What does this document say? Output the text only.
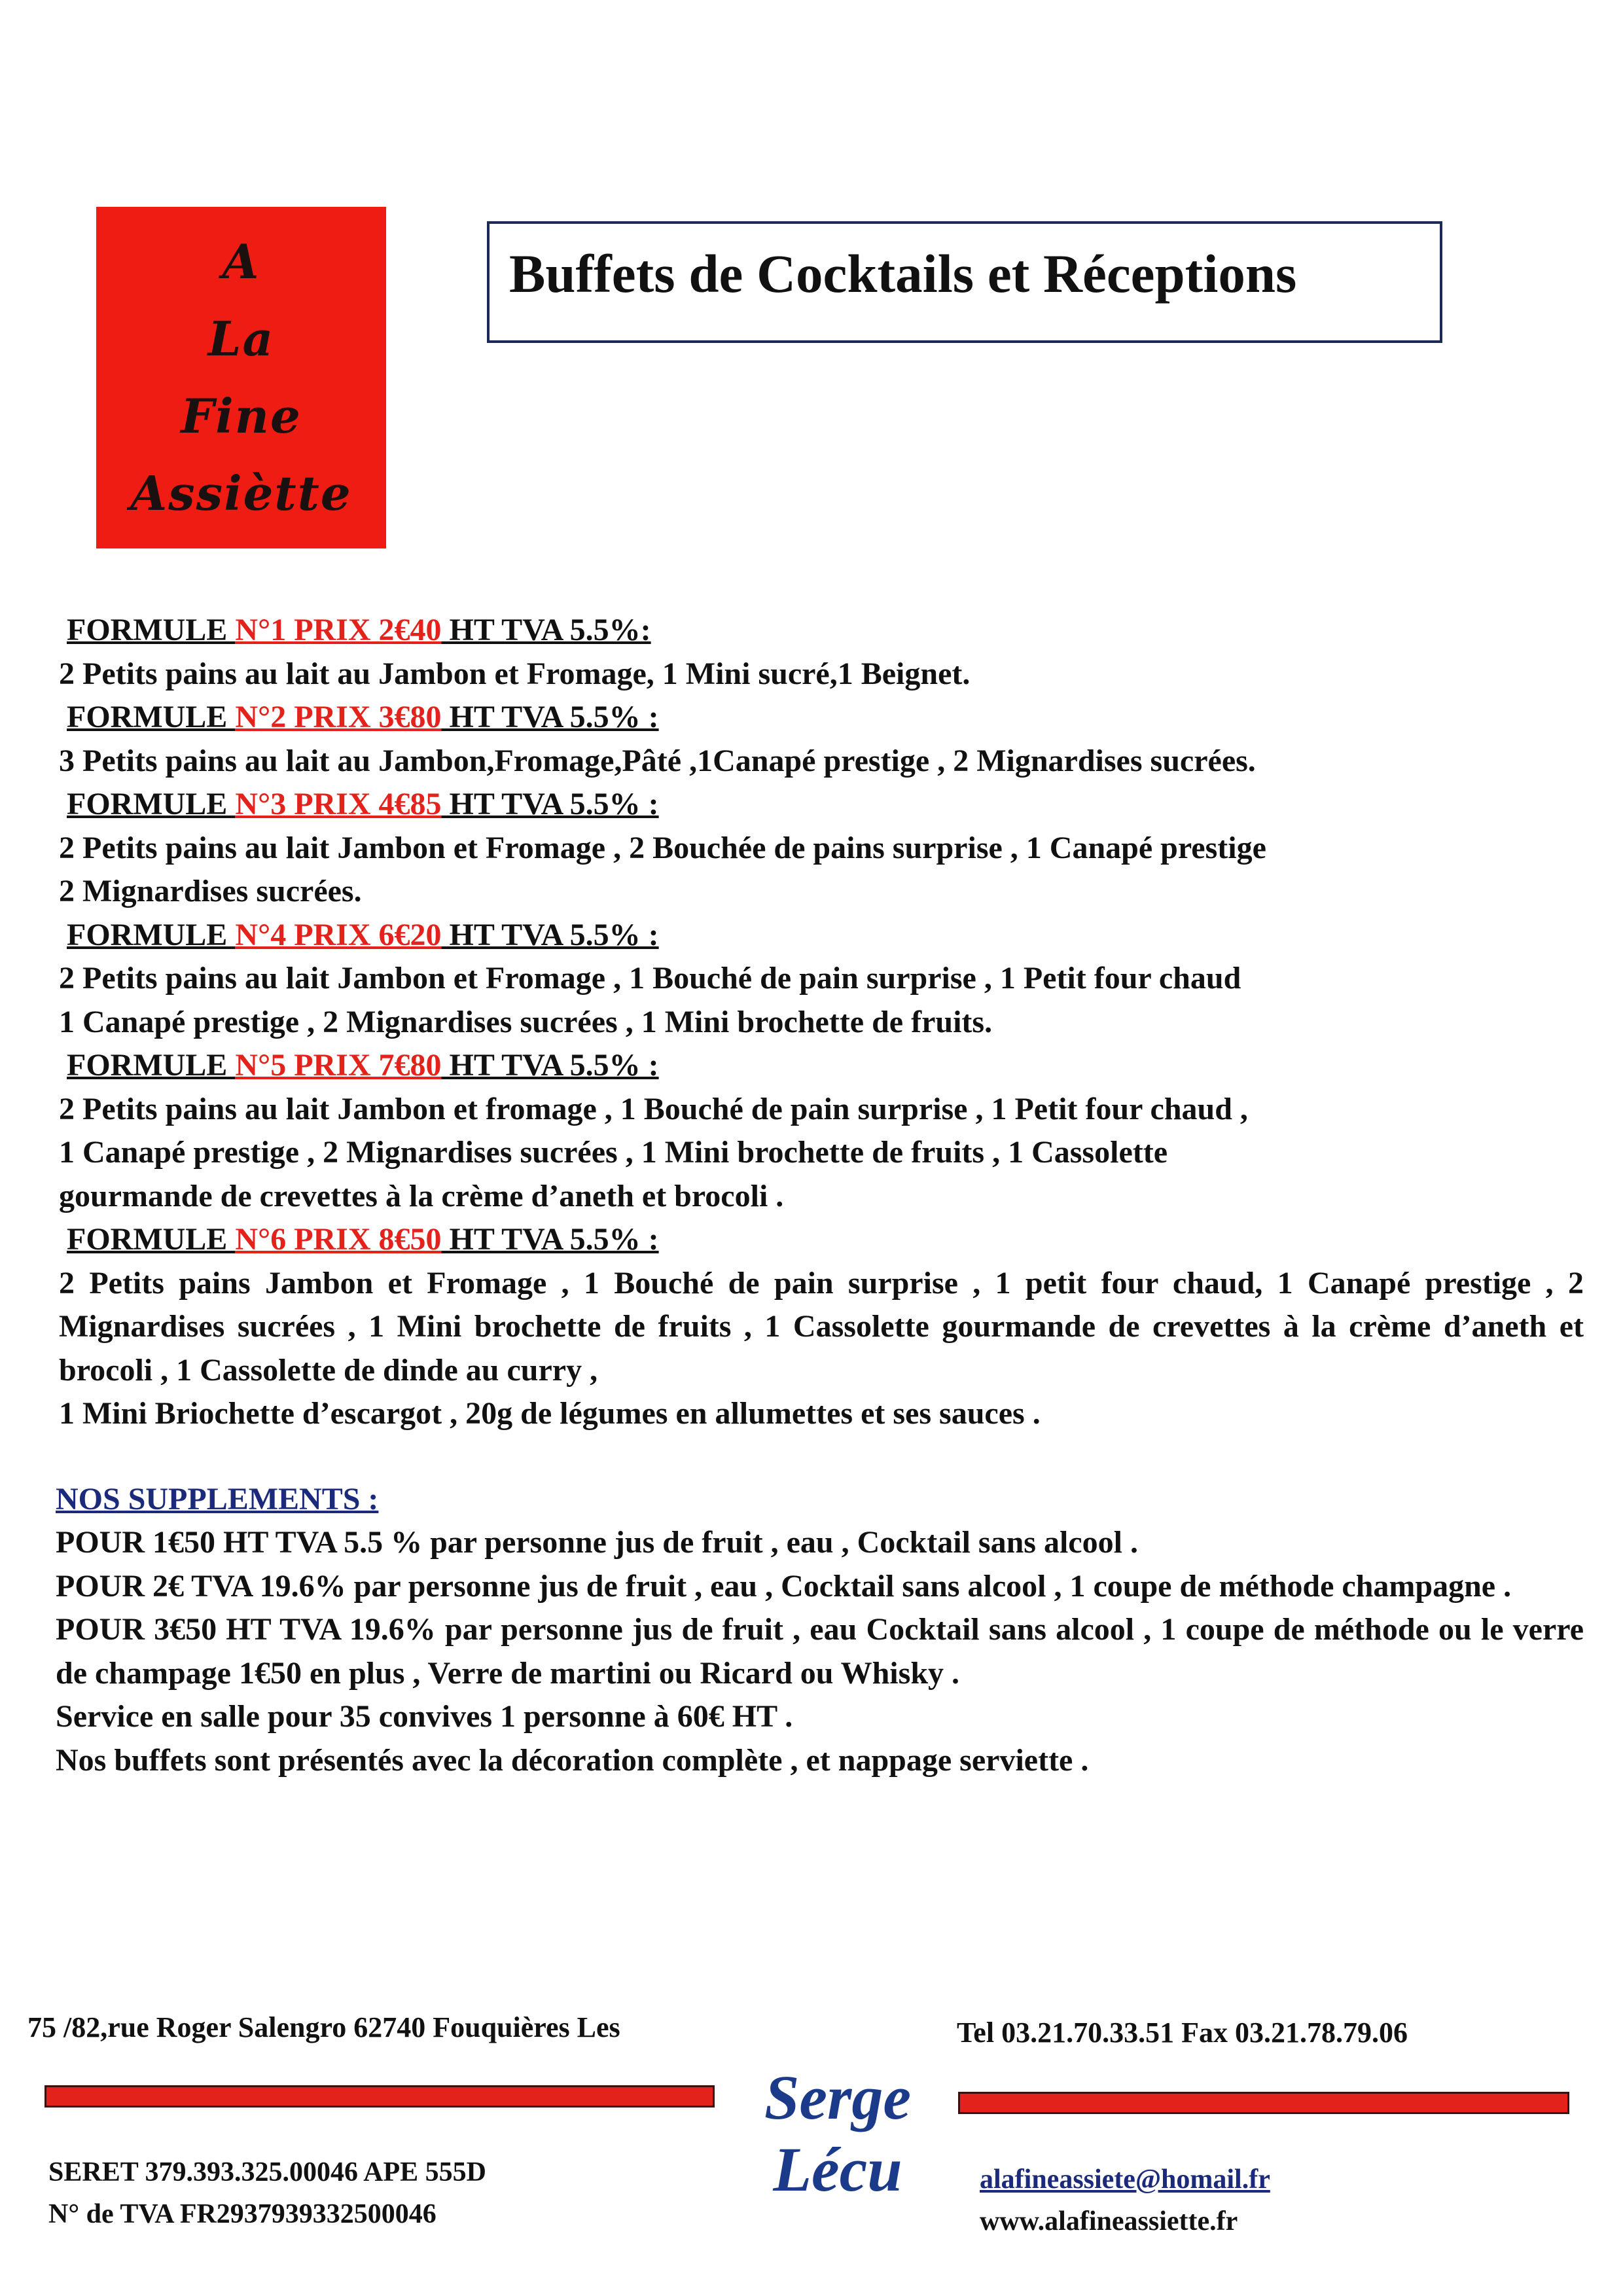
A
La
Fine
Assiètte
Buffets de Cocktails et Réceptions
FORMULE N°1 PRIX 2€40 HT TVA 5.5%:
2 Petits pains au lait au Jambon et Fromage, 1 Mini sucré,1 Beignet.
FORMULE N°2 PRIX 3€80 HT TVA 5.5% :
3 Petits pains au lait au Jambon,Fromage,Pâté ,1Canapé prestige , 2 Mignardises sucrées.
FORMULE N°3 PRIX 4€85 HT TVA 5.5% :
2 Petits pains au lait Jambon et Fromage , 2 Bouchée de pains surprise , 1 Canapé prestige
2 Mignardises sucrées.
FORMULE N°4 PRIX 6€20 HT TVA 5.5% :
2 Petits pains au lait Jambon et Fromage , 1 Bouché de pain surprise , 1 Petit four chaud
1 Canapé prestige , 2 Mignardises sucrées , 1 Mini brochette de fruits.
FORMULE N°5 PRIX 7€80 HT TVA 5.5% :
2 Petits pains au lait Jambon et fromage , 1 Bouché de pain surprise , 1 Petit four chaud ,
1 Canapé prestige , 2 Mignardises sucrées , 1 Mini brochette de fruits , 1 Cassolette
gourmande de crevettes à la crème d’aneth et brocoli .
FORMULE N°6 PRIX 8€50 HT TVA 5.5% :
2 Petits pains Jambon et Fromage , 1 Bouché de pain surprise , 1 petit four chaud, 1 Canapé prestige , 2 Mignardises sucrées , 1 Mini brochette de fruits , 1 Cassolette gourmande de crevettes à la crème d’aneth et brocoli , 1 Cassolette de dinde au curry ,
1 Mini Briochette d’escargot , 20g de légumes en allumettes et ses sauces .
NOS SUPPLEMENTS :
POUR 1€50 HT TVA 5.5 % par personne jus de fruit , eau , Cocktail sans alcool .
POUR 2€ TVA 19.6% par personne jus de fruit , eau , Cocktail sans alcool , 1 coupe de méthode champagne .
POUR 3€50 HT TVA 19.6% par personne jus de fruit , eau Cocktail sans alcool , 1 coupe de méthode ou le verre de champage 1€50 en plus , Verre de martini ou Ricard ou Whisky .
Service en salle pour 35 convives 1 personne à 60€ HT .
Nos buffets sont présentés avec la décoration complète , et nappage serviette .
75 /82,rue Roger Salengro 62740 Fouquières Les	Tel 03.21.70.33.51 Fax 03.21.78.79.06
Serge
Lécu
SERET 379.393.325.00046 APE 555D
N° de TVA FR2937939332500046
alafineassiete@homail.fr
www.alafineassiette.fr
